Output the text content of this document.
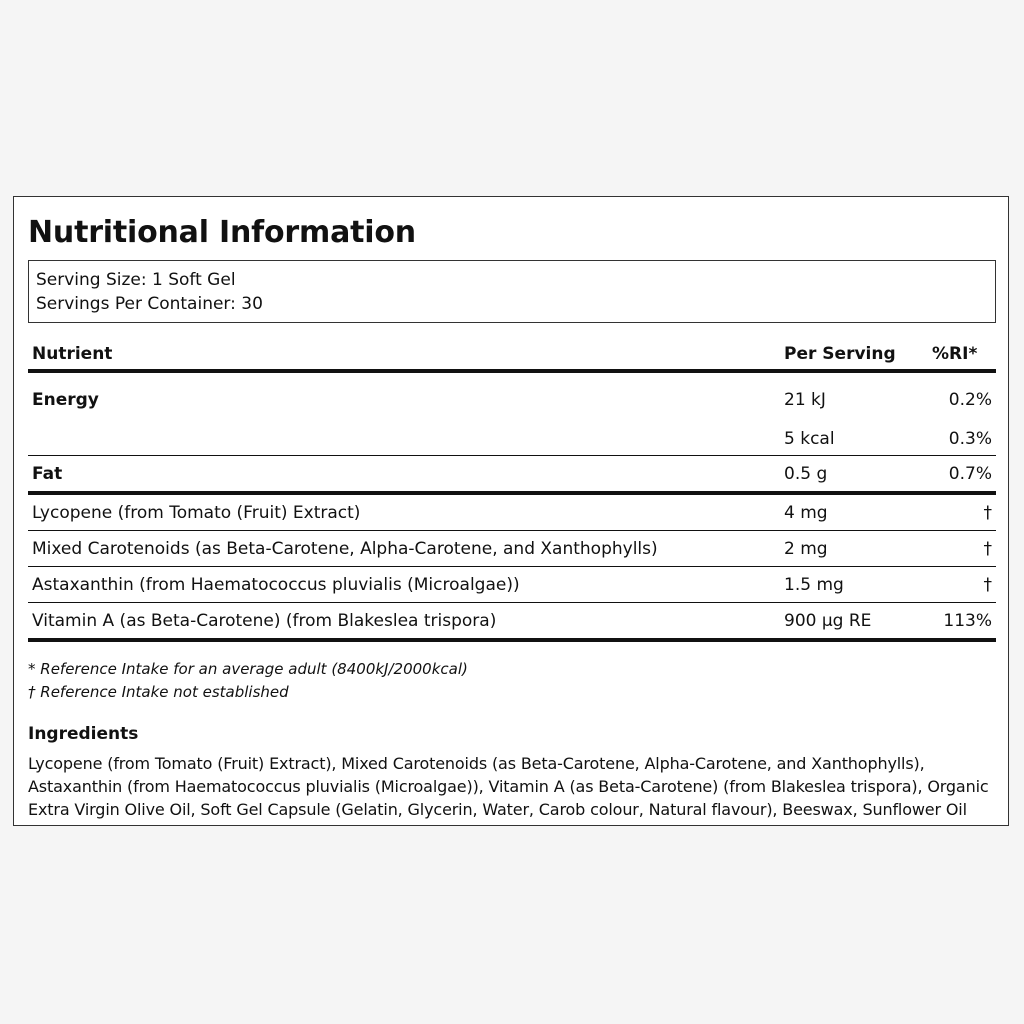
Nutritional Information
Serving Size: 1 Soft Gel
Servings Per Container: 30
Nutrient	Per Serving	%RI*
Energy	21 kJ	0.2%
	5 kcal	0.3%
Fat	0.5 g	0.7%
Lycopene (from Tomato (Fruit) Extract)	4 mg	†
Mixed Carotenoids (as Beta-Carotene, Alpha-Carotene, and Xanthophylls)	2 mg	†
Astaxanthin (from Haematococcus pluvialis (Microalgae))	1.5 mg	†
Vitamin A (as Beta-Carotene) (from Blakeslea trispora)	900 µg RE	113%
* Reference Intake for an average adult (8400kJ/2000kcal)
† Reference Intake not established
Ingredients
Lycopene (from Tomato (Fruit) Extract), Mixed Carotenoids (as Beta-Carotene, Alpha-Carotene, and Xanthophylls), Astaxanthin (from Haematococcus pluvialis (Microalgae)), Vitamin A (as Beta-Carotene) (from Blakeslea trispora), Organic Extra Virgin Olive Oil, Soft Gel Capsule (Gelatin, Glycerin, Water, Carob colour, Natural flavour), Beeswax, Sunflower Oil
